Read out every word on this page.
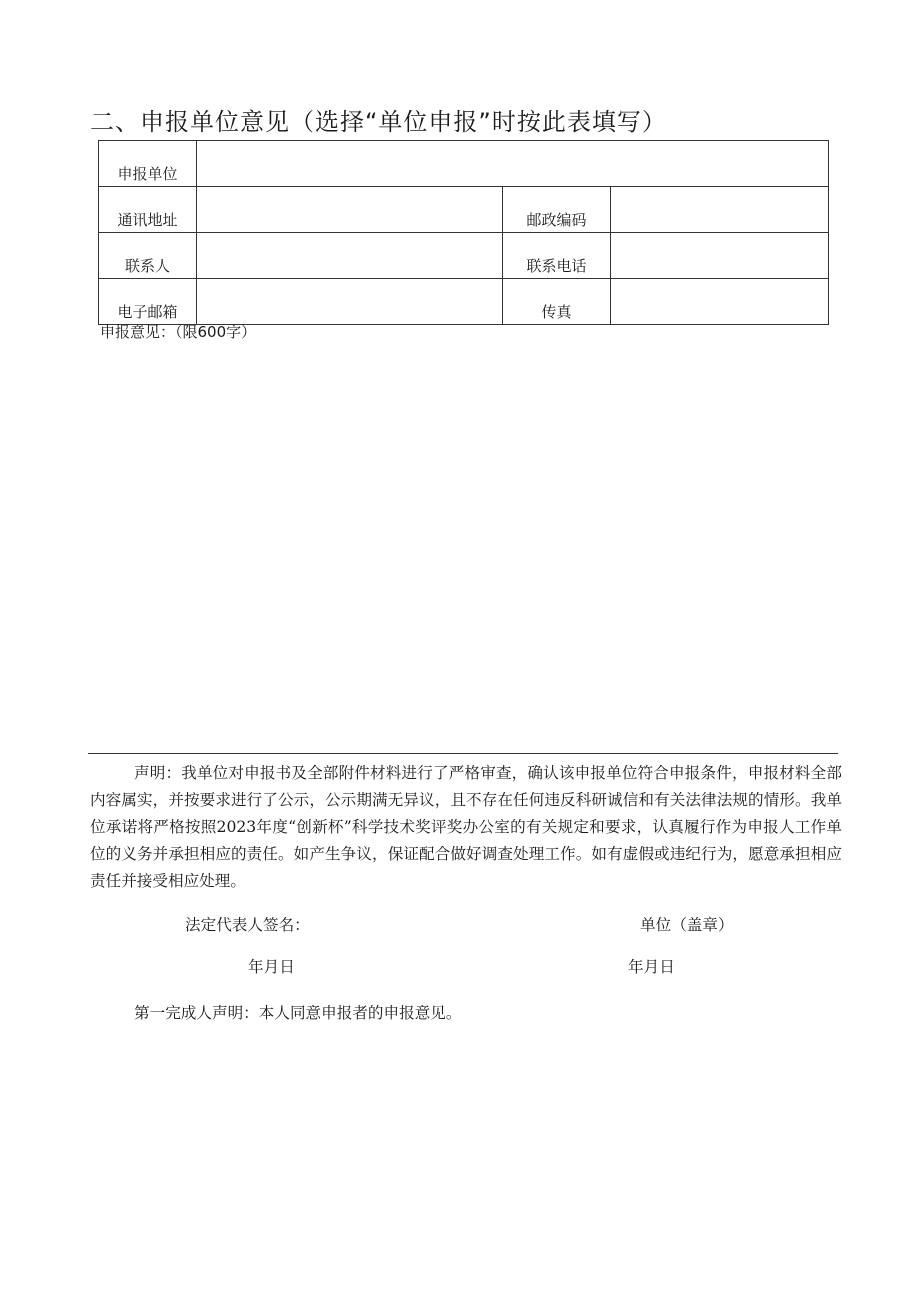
二、申报单位意见（选择“单位申报”时按此表填写）
申报单位			
通讯地址		邮政编码	
联系人		联系电话	
电子邮箱		传真	
申报意见：（限600字）

声明：我单位对申报书及全部附件材料进行了严格审查，确认该申报单位符合申报条件，申报材料全部内容属实，并按要求进行了公示，公示期满无异议，且不存在任何违反科研诚信和有关法律法规的情形。我单位承诺将严格按照2023年度“创新杯”科学技术奖评奖办公室的有关规定和要求，认真履行作为申报人工作单位的义务并承担相应的责任。如产生争议，保证配合做好调查处理工作。如有虚假或违纪行为，愿意承担相应责任并接受相应处理。

法定代表人签名：	单位（盖章）
年月日	年月日
第一完成人声明：本人同意申报者的申报意见。
